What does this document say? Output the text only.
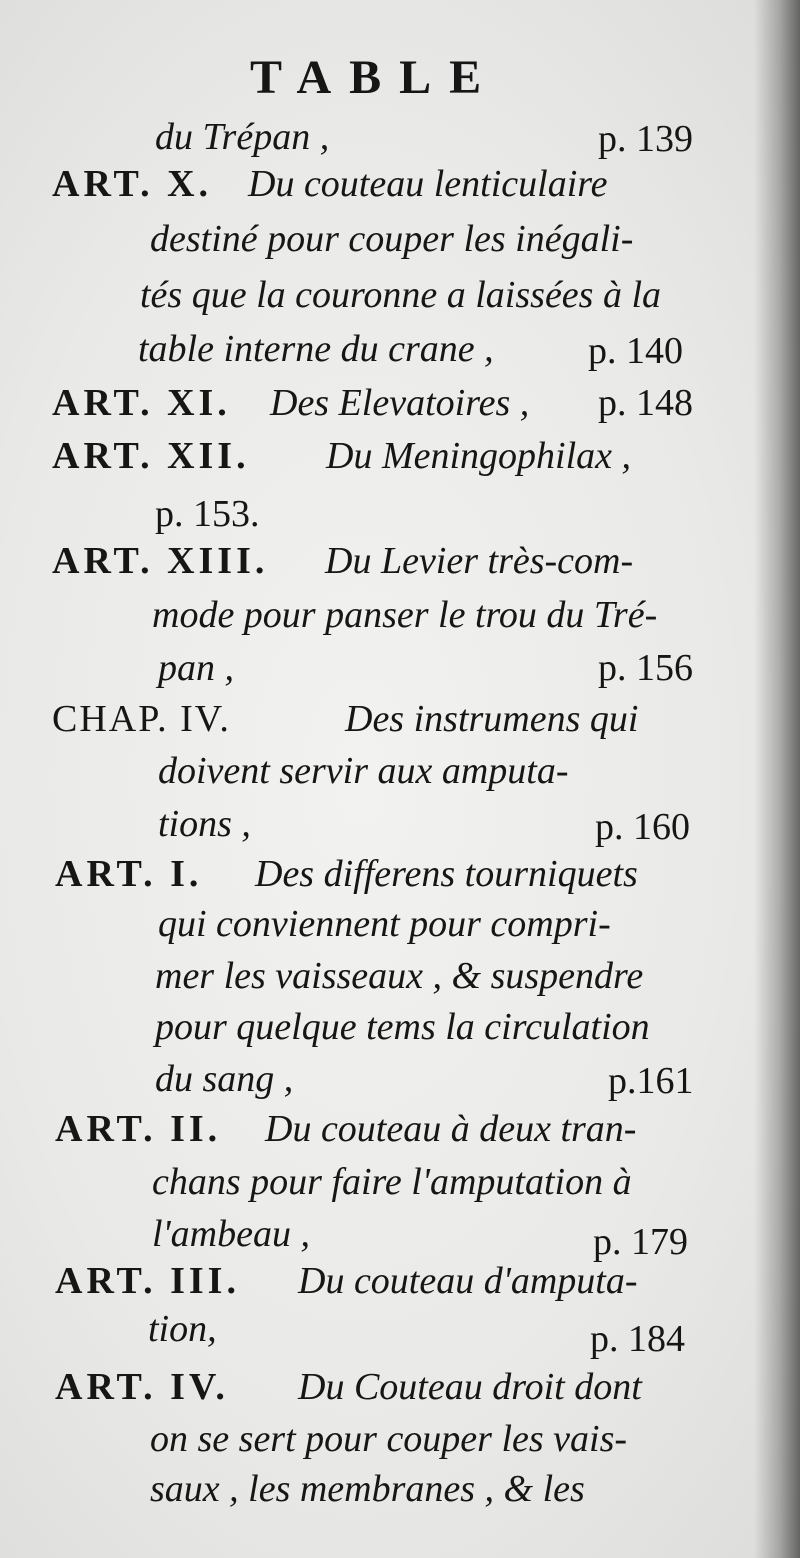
TABLE
du Trépan ,	p. 139
ART. X. Du couteau lenticulaire
destiné pour couper les inégali-
tés que la couronne a laissées à la
table interne du crane , p. 140
ART. XI. Des Elevatoires , p. 148
ART. XII. Du Meningophilax ,
p. 153.
ART. XIII. Du Levier très-com-
mode pour panser le trou du Tré-
pan ,	p. 156
CHAP. IV.	Des instrumens qui
doivent servir aux amputa-
tions ,	p. 160
ART. I. Des differens tourniquets
qui conviennent pour compri-
mer les vaisseaux , & suspendre
pour quelque tems la circulation
du sang ,	p.161
ART. II. Du couteau à deux tran-
chans pour faire l'amputation à
l'ambeau ,	p. 179
ART. III. Du couteau d'amputa-
tion,	p. 184
ART. IV. Du Couteau droit dont
on se sert pour couper les vais-
saux , les membranes , & les
